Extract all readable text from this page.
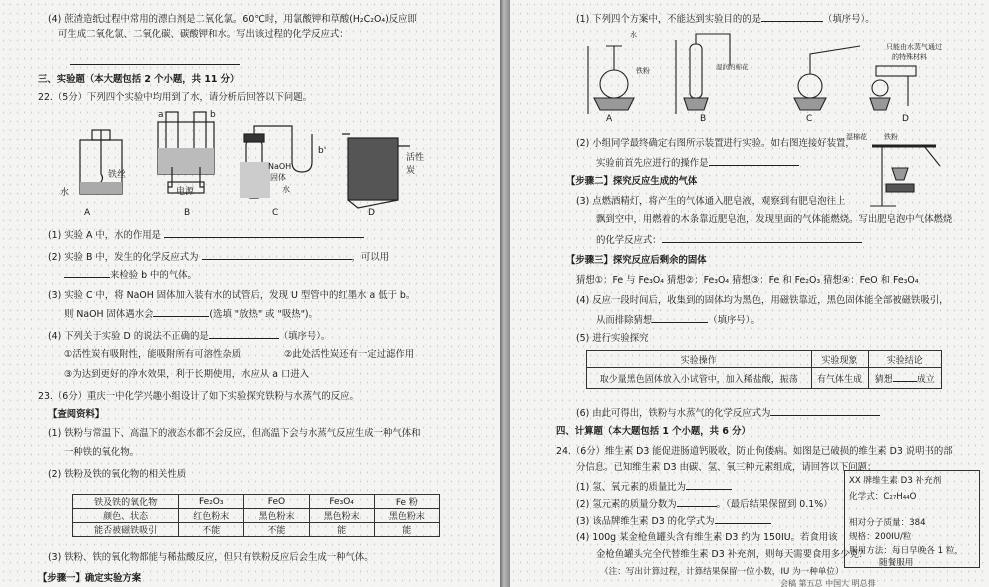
(4) 蔗渣造纸过程中常用的漂白剂是二氧化氯。60℃时，用氯酸钾和草酸(H₂C₂O₄)反应即
可生成二氧化氯、二氧化碳、碳酸钾和水。写出该过程的化学反应式：
三、实验题（本大题包括 2 个小题，共 11 分）
22.（5分）下列四个实验中均用到了水，请分析后回答以下问题。
铁丝
水
a	b
电源
NaOH
固体
水
b'
活性
炭
A	B	C	D
(1) 实验 A 中，水的作用是
(2) 实验 B 中，发生的化学反应式为	，可以用
来检验 b 中的气体。
(3) 实验 C 中，将 NaOH 固体加入装有水的试管后，发现 U 型管中的红墨水 a 低于 b。
则 NaOH 固体遇水会	(选填 "放热" 或 "吸热")。
(4) 下列关于实验 D 的说法不正确的是	（填序号）。
①活性炭有吸附性，能吸附所有可溶性杂质	②此处活性炭还有一定过滤作用
③为达到更好的净水效果，利于长期使用，水应从 a 口进入
23.（6分）重庆一中化学兴趣小组设计了如下实验探究铁粉与水蒸气的反应。
【查阅资料】
(1) 铁粉与常温下、高温下的液态水都不会反应，但高温下会与水蒸气反应生成一种气体和
一种铁的氧化物。
(2) 铁粉及铁的氧化物的相关性质
铁及铁的氧化物	Fe₂O₃	FeO	Fe₃O₄	Fe 粉
颜色、状态	红色粉末	黑色粉末	黑色粉末	黑色粉末
能否被磁铁吸引	不能	不能	能	能
(3) 铁粉、铁的氧化物都能与稀盐酸反应，但只有铁粉反应后会生成一种气体。
【步骤一】确定实验方案
(1) 下列四个方案中，不能达到实验目的的是	（填序号）。
水
铁粉	湿润的棉花
只能由水蒸气通过
的特殊材料
A	B	C	D
(2) 小组同学最终确定右图所示装置进行实验。如右图连接好装置，
实验前首先应进行的操作是
湿棉花 铁粉
【步骤二】探究反应生成的气体
(3) 点燃酒精灯，将产生的气体通入肥皂液，观察到有肥皂泡往上
飘到空中，用燃着的木条靠近肥皂泡，发现里面的气体能燃烧。写出肥皂泡中气体燃烧
的化学反应式：
【步骤三】探究反应后剩余的固体
猜想①：Fe 与 Fe₃O₄ 猜想②：Fe₃O₄ 猜想③：Fe 和 Fe₂O₃ 猜想④：FeO 和 Fe₃O₄
(4) 反应一段时间后，收集到的固体均为黑色，用磁铁靠近，黑色固体能全部被磁铁吸引，
从而排除猜想	（填序号）。
(5) 进行实验探究
实验操作	实验现象	实验结论
取少量黑色固体放入小试管中，加入稀盐酸，振荡	有气体生成	猜想 成立
(6) 由此可得出，铁粉与水蒸气的化学反应式为
四、计算题（本大题包括 1 个小题，共 6 分）
24.（6分）维生素 D3 能促进肠道钙吸收，防止佝偻病。如图是已破损的维生素 D3 说明书的部
分信息。已知维生素 D3 由碳、氢、氧三种元素组成，请回答以下问题：
(1) 氢、氧元素的质量比为
(2) 氢元素的质量分数为	。（最后结果保留到 0.1%）
(3) 该品牌维生素 D3 的化学式为
(4) 100g 某金枪鱼罐头含有维生素 D3 约为 150IU。若食用该
金枪鱼罐头完全代替维生素 D3 补充剂，则每天需要食用多少克？
（注：写出计算过程，计算结果保留一位小数，IU 为一种单位）
XX 牌维生素 D3 补充剂
化学式：C₂₇H₄₄O
相对分子质量：384
规格：200IU/粒
服用方法：每日早晚各 1 粒，
随餐服用
会稿 第五总 中国大 明总排
